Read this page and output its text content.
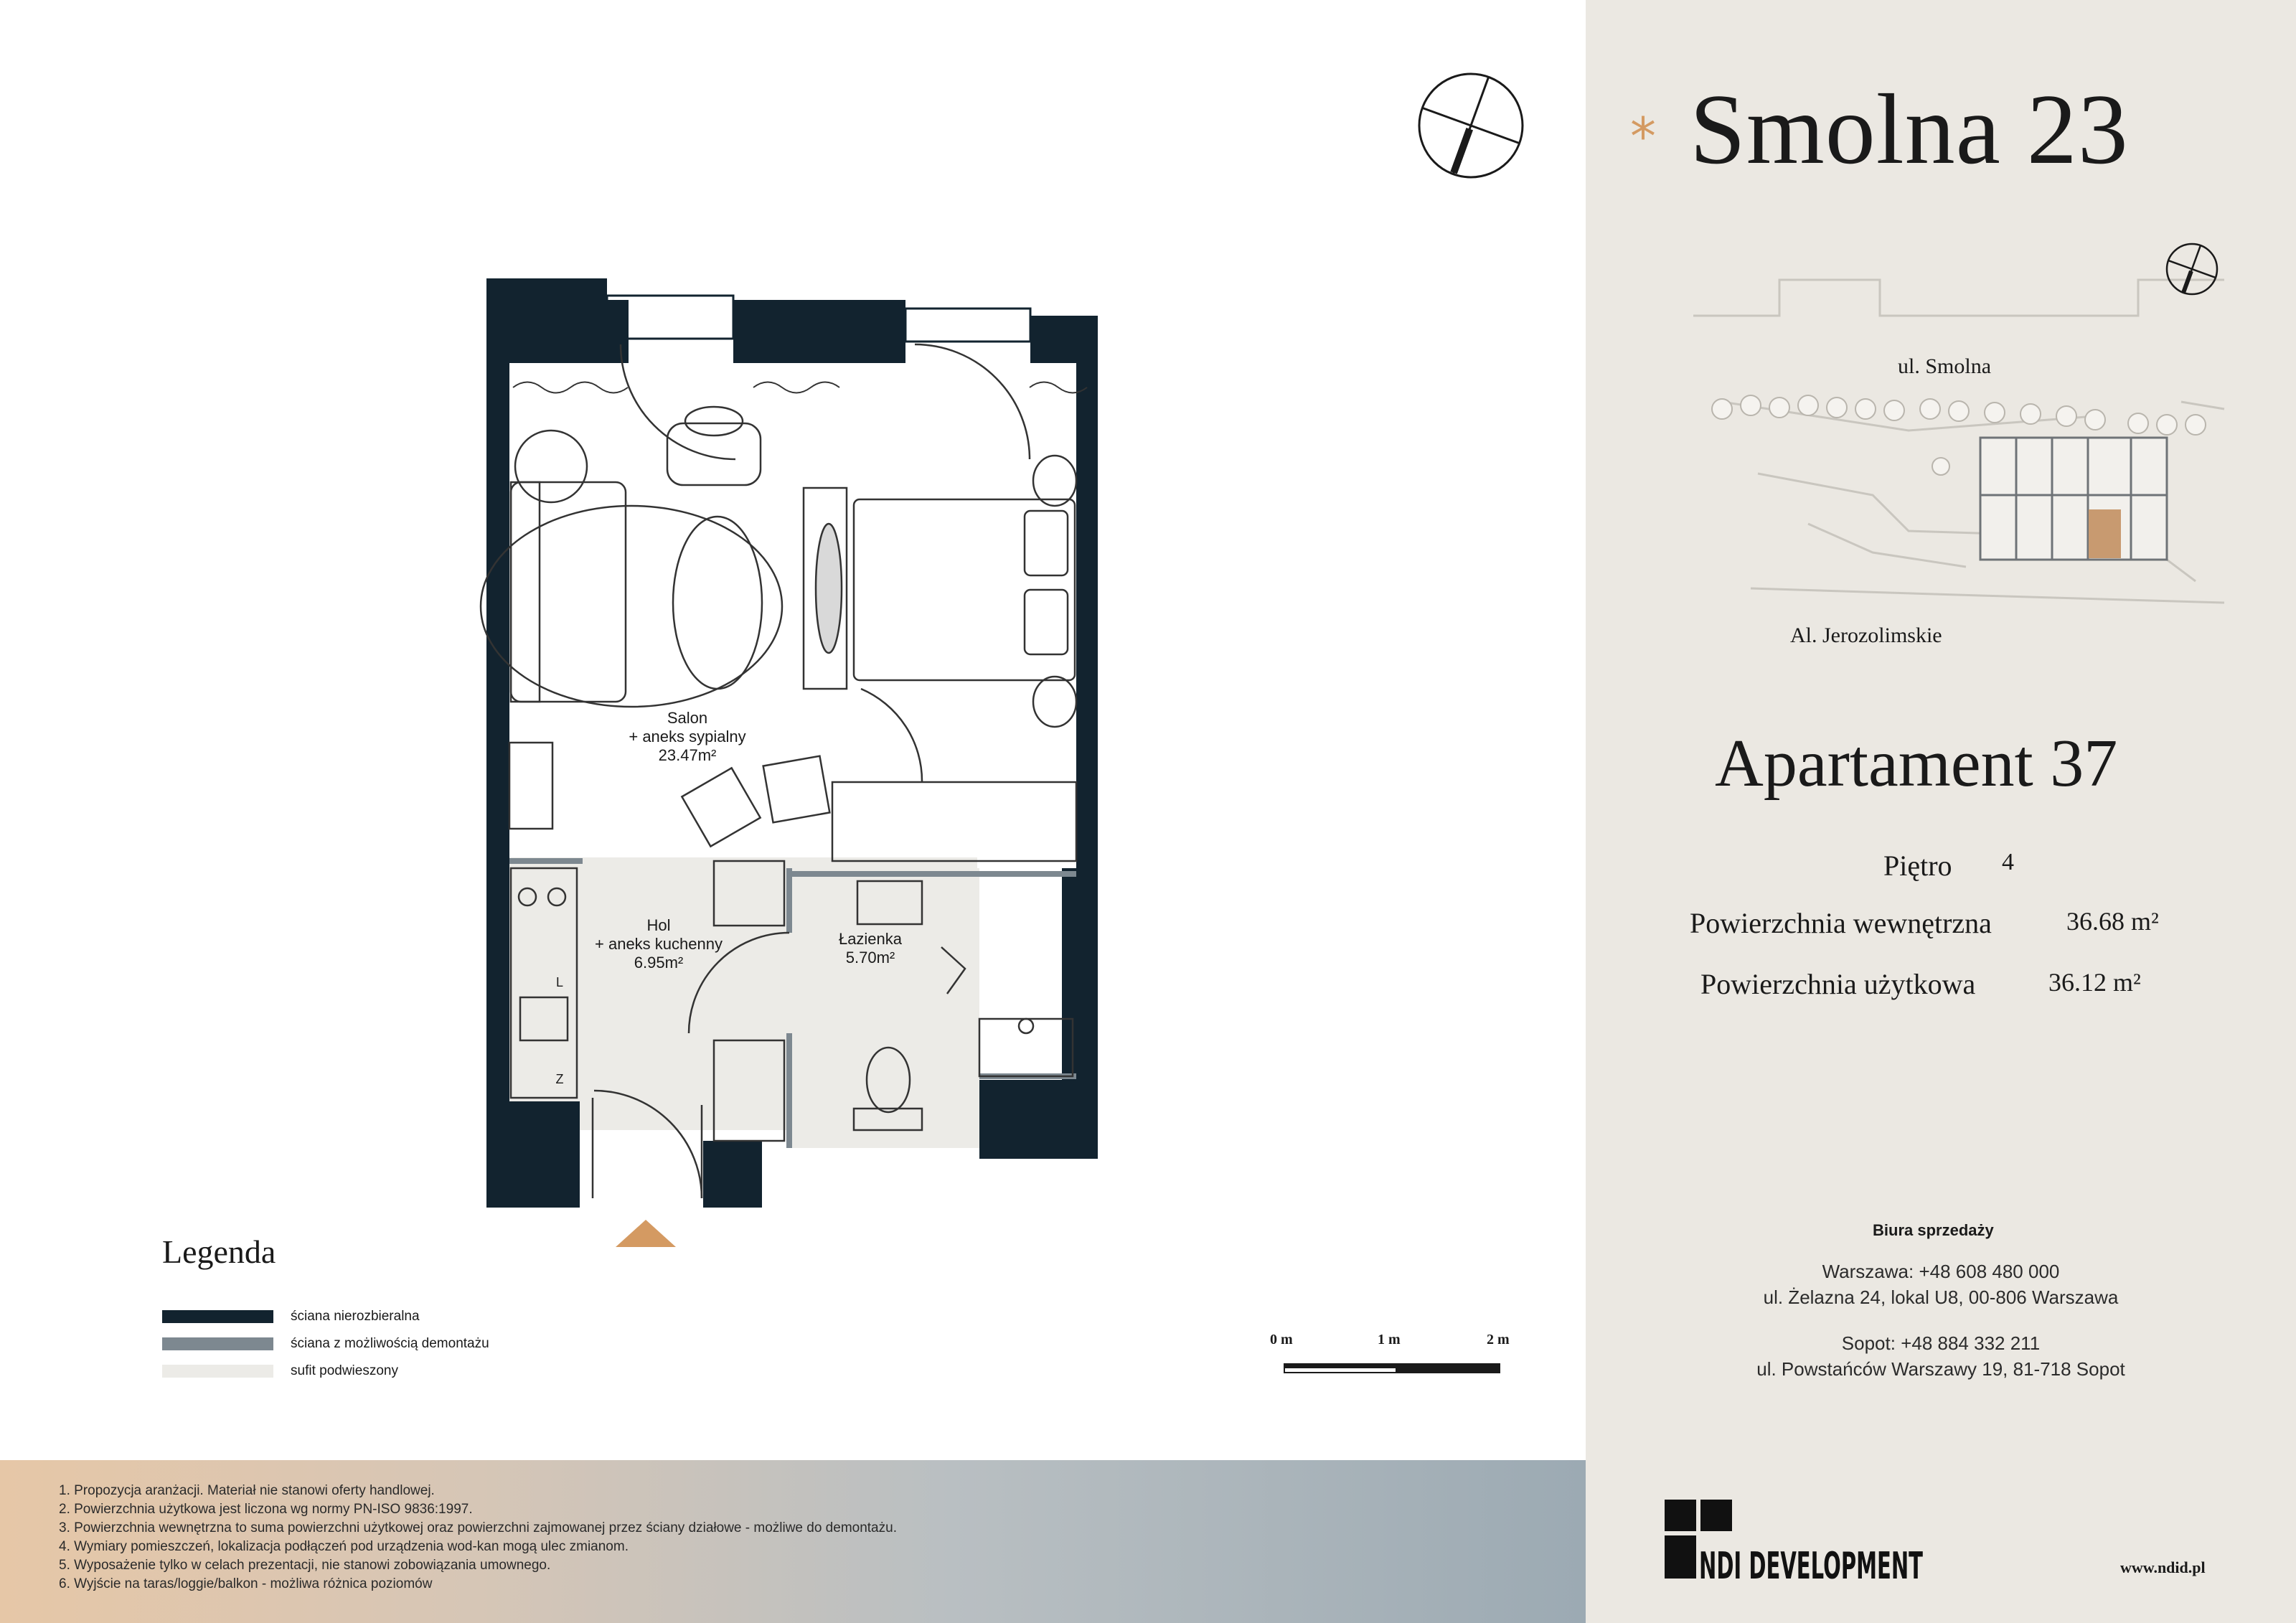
Salon
+ aneks sypialny
23.47m²
Hol
+ aneks kuchenny
6.95m²
Łazienka
5.70m²
L
Z
Legenda
ściana nierozbieralna
ściana z możliwością demontażu
sufit podwieszony
0 m	1 m	2 m
1. Propozycja aranżacji. Materiał nie stanowi oferty handlowej.
2. Powierzchnia użytkowa jest liczona wg normy PN-ISO 9836:1997.
3. Powierzchnia wewnętrzna to suma powierzchni użytkowej oraz powierzchni zajmowanej przez ściany działowe - możliwe do demontażu.
4. Wymiary pomieszczeń, lokalizacja podłączeń pod urządzenia wod-kan mogą ulec zmianom.
5. Wyposażenie tylko w celach prezentacji, nie stanowi zobowiązania umownego.
6. Wyjście na taras/loggie/balkon - możliwa różnica poziomów
* Smolna 23
ul. Smolna
Al. Jerozolimskie
Apartament 37
Piętro 4
Powierzchnia wewnętrzna	36.68 m²
Powierzchnia użytkowa	36.12 m²
Biura sprzedaży
Warszawa: +48 608 480 000
ul. Żelazna 24, lokal U8, 00-806 Warszawa
Sopot: +48 884 332 211
ul. Powstańców Warszawy 19, 81-718 Sopot
NDI DEVELOPMENT	www.ndid.pl
